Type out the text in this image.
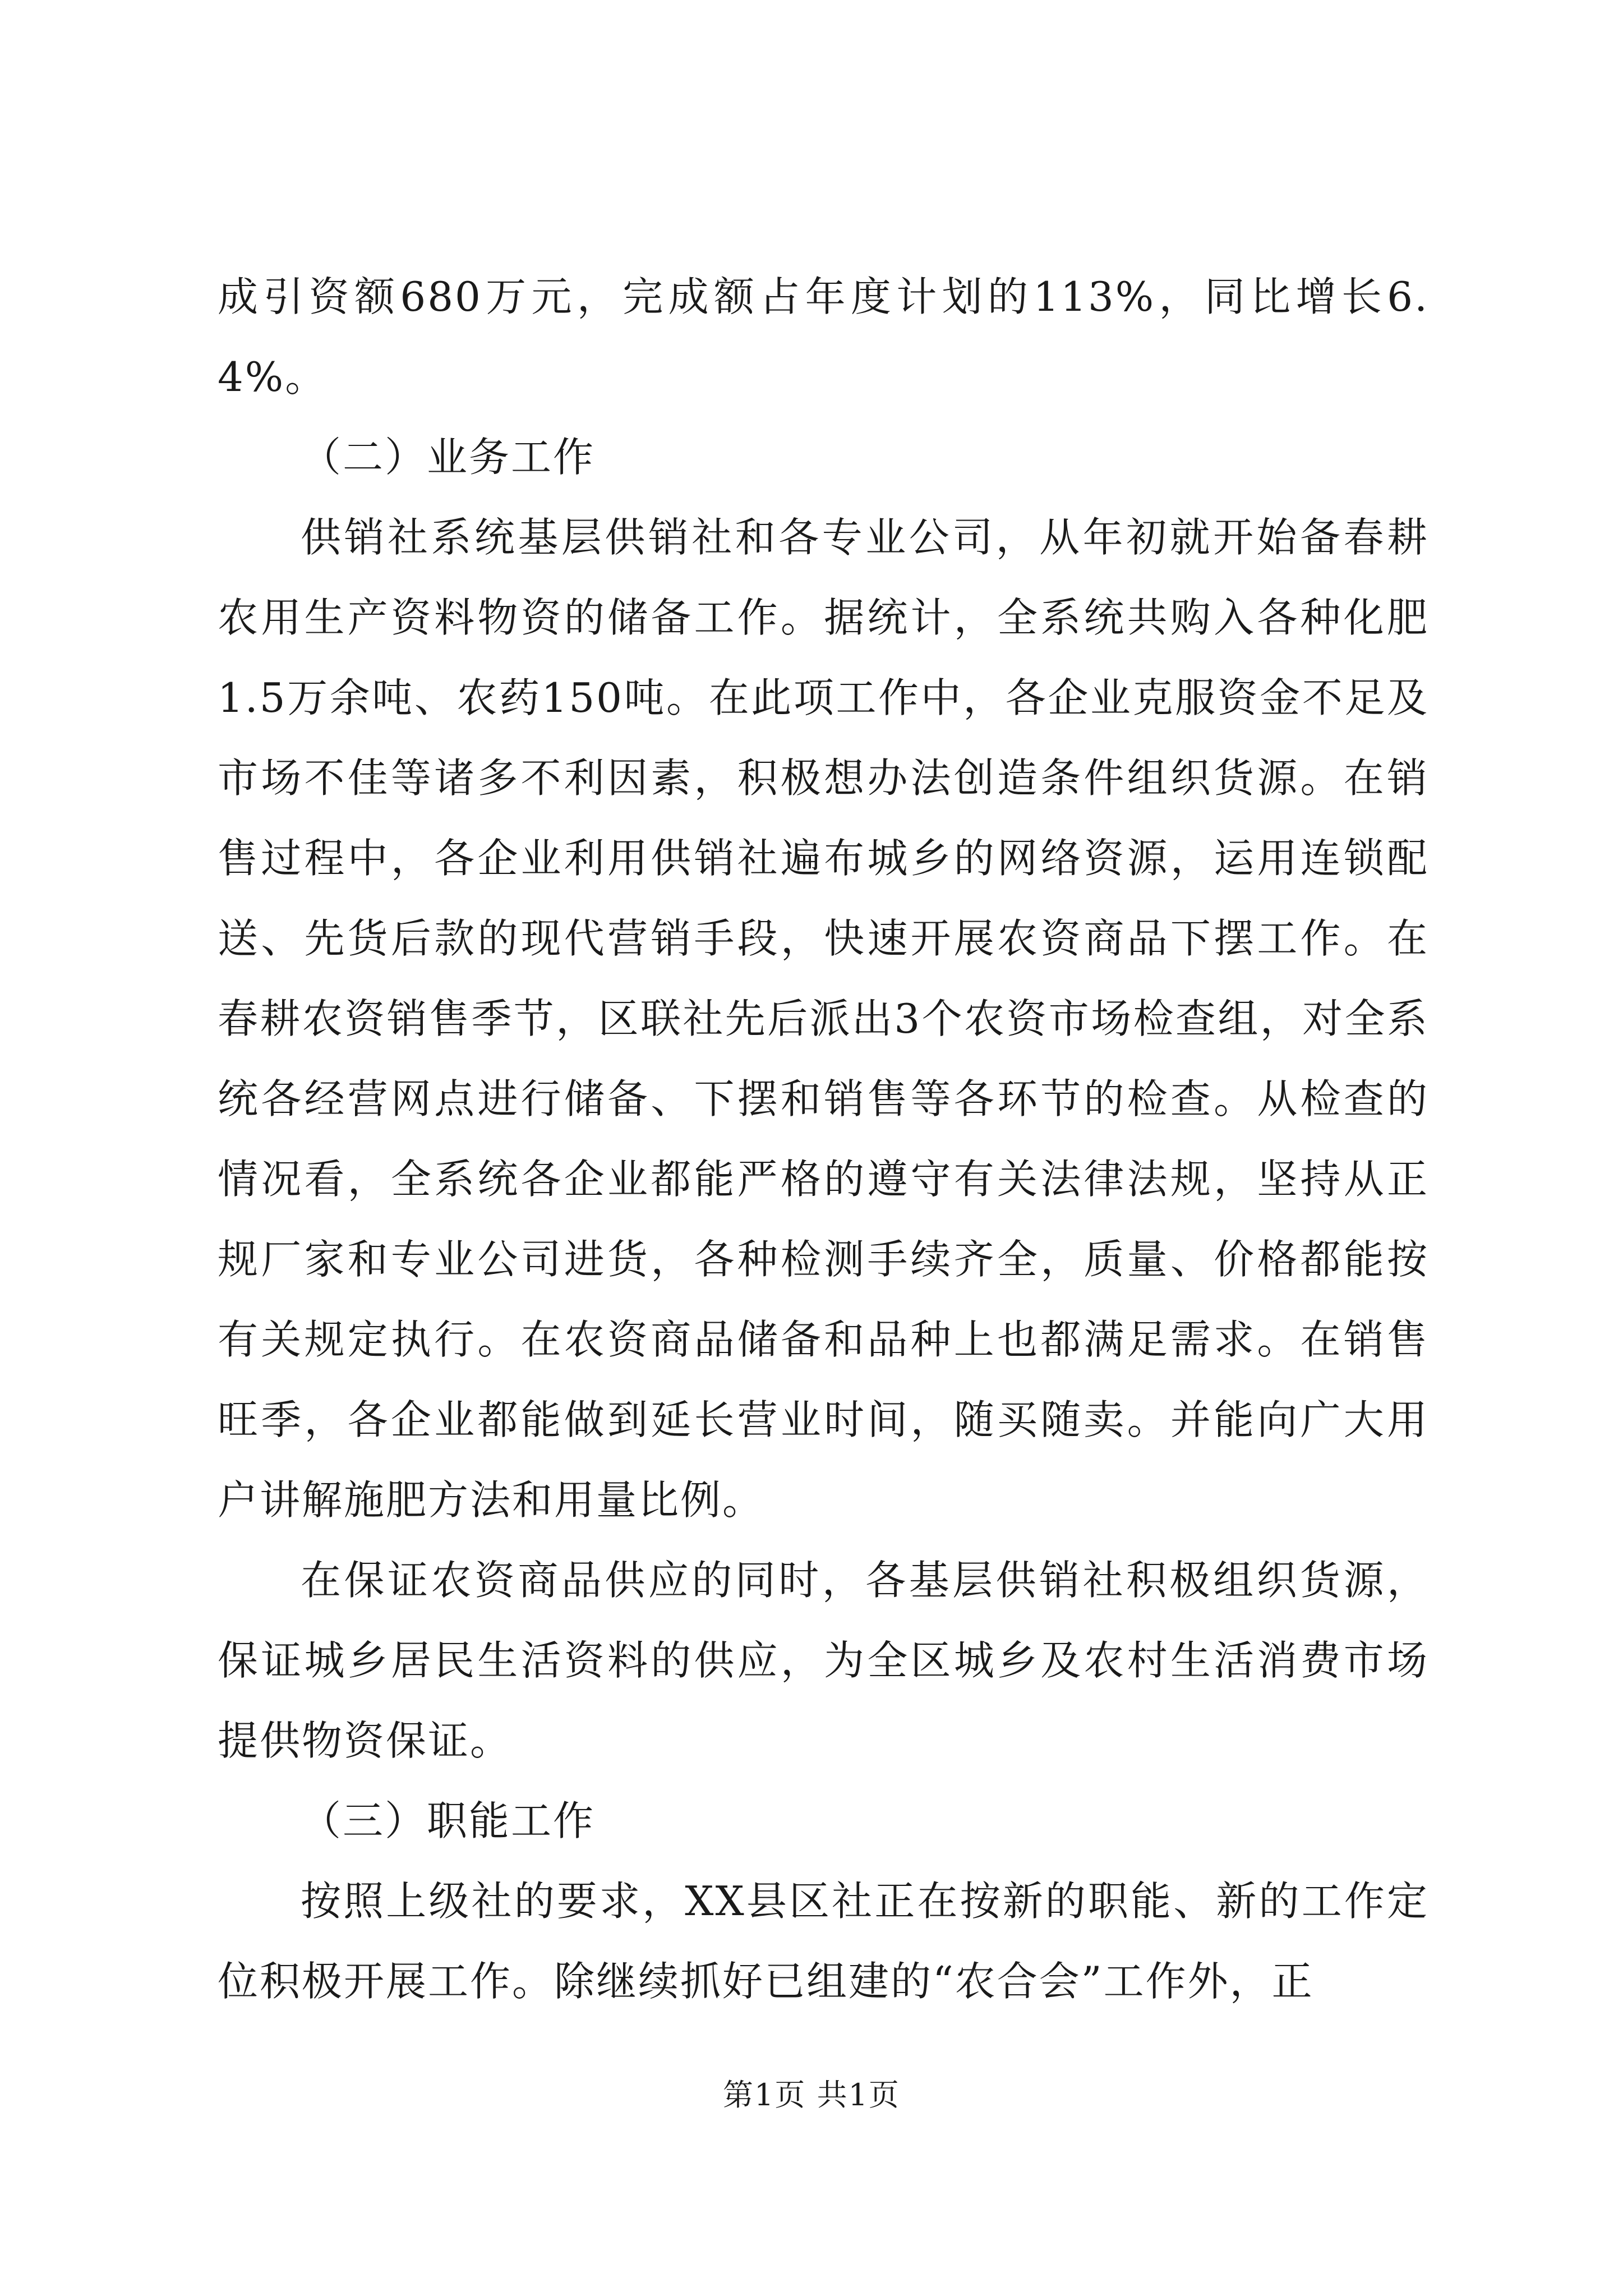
成引资额680万元，完成额占年度计划的113%，同比增长6.4%。

（二）业务工作

供销社系统基层供销社和各专业公司，从年初就开始备春耕农用生产资料物资的储备工作。据统计，全系统共购入各种化肥1.5万余吨、农药150吨。在此项工作中，各企业克服资金不足及市场不佳等诸多不利因素，积极想办法创造条件组织货源。在销售过程中，各企业利用供销社遍布城乡的网络资源，运用连锁配送、先货后款的现代营销手段，快速开展农资商品下摆工作。在春耕农资销售季节，区联社先后派出3个农资市场检查组，对全系统各经营网点进行储备、下摆和销售等各环节的检查。从检查的情况看，全系统各企业都能严格的遵守有关法律法规，坚持从正规厂家和专业公司进货，各种检测手续齐全，质量、价格都能按有关规定执行。在农资商品储备和品种上也都满足需求。在销售旺季，各企业都能做到延长营业时间，随买随卖。并能向广大用户讲解施肥方法和用量比例。

在保证农资商品供应的同时，各基层供销社积极组织货源，保证城乡居民生活资料的供应，为全区城乡及农村生活消费市场提供物资保证。

（三）职能工作

按照上级社的要求，XX县区社正在按新的职能、新的工作定位积极开展工作。除继续抓好已组建的“农合会”工作外，正

第1页 共1页
